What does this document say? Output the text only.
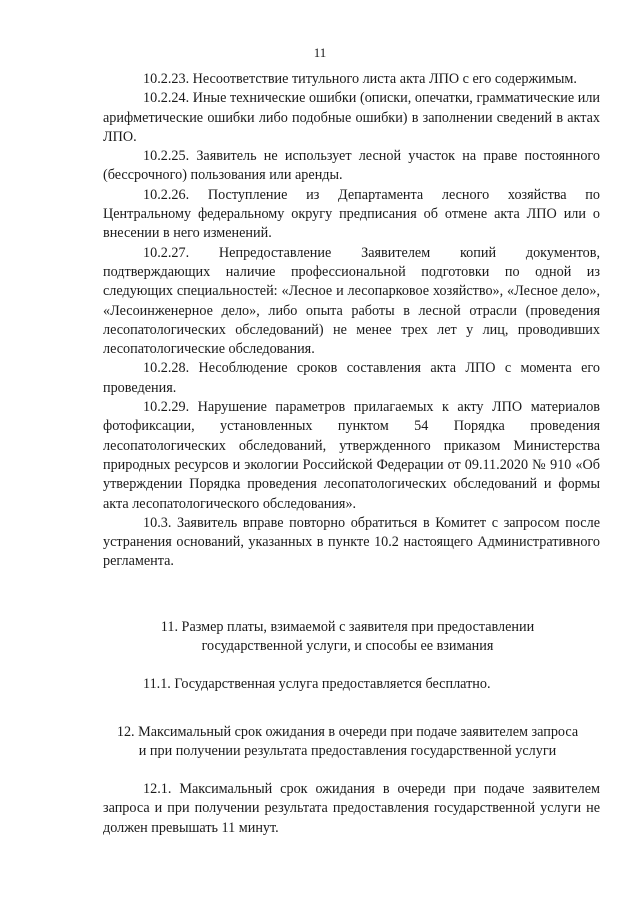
11

10.2.23. Несоответствие титульного листа акта ЛПО с его содержимым.

10.2.24. Иные технические ошибки (описки, опечатки, грамматические или арифметические ошибки либо подобные ошибки) в заполнении сведений в актах ЛПО.

10.2.25. Заявитель не использует лесной участок на праве постоянного (бессрочного) пользования или аренды.

10.2.26. Поступление из Департамента лесного хозяйства по Центральному федеральному округу предписания об отмене акта ЛПО или о внесении в него изменений.

10.2.27. Непредоставление Заявителем копий документов, подтверждающих наличие профессиональной подготовки по одной из следующих специальностей: «Лесное и лесопарковое хозяйство», «Лесное дело», «Лесоинженерное дело», либо опыта работы в лесной отрасли (проведения лесопатологических обследований) не менее трех лет у лиц, проводивших лесопатологические обследования.

10.2.28. Несоблюдение сроков составления акта ЛПО с момента его проведения.

10.2.29. Нарушение параметров прилагаемых к акту ЛПО материалов фотофиксации, установленных пунктом 54 Порядка проведения лесопатологических обследований, утвержденного приказом Министерства природных ресурсов и экологии Российской Федерации от 09.11.2020 № 910 «Об утверждении Порядка проведения лесопатологических обследований и формы акта лесопатологического обследования».

10.3. Заявитель вправе повторно обратиться в Комитет с запросом после устранения оснований, указанных в пункте 10.2 настоящего Административного регламента.

11. Размер платы, взимаемой с заявителя при предоставлении
государственной услуги, и способы ее взимания

11.1. Государственная услуга предоставляется бесплатно.

12. Максимальный срок ожидания в очереди при подаче заявителем запроса
и при получении результата предоставления государственной услуги

12.1. Максимальный срок ожидания в очереди при подаче заявителем запроса и при получении результата предоставления государственной услуги не должен превышать 11 минут.
